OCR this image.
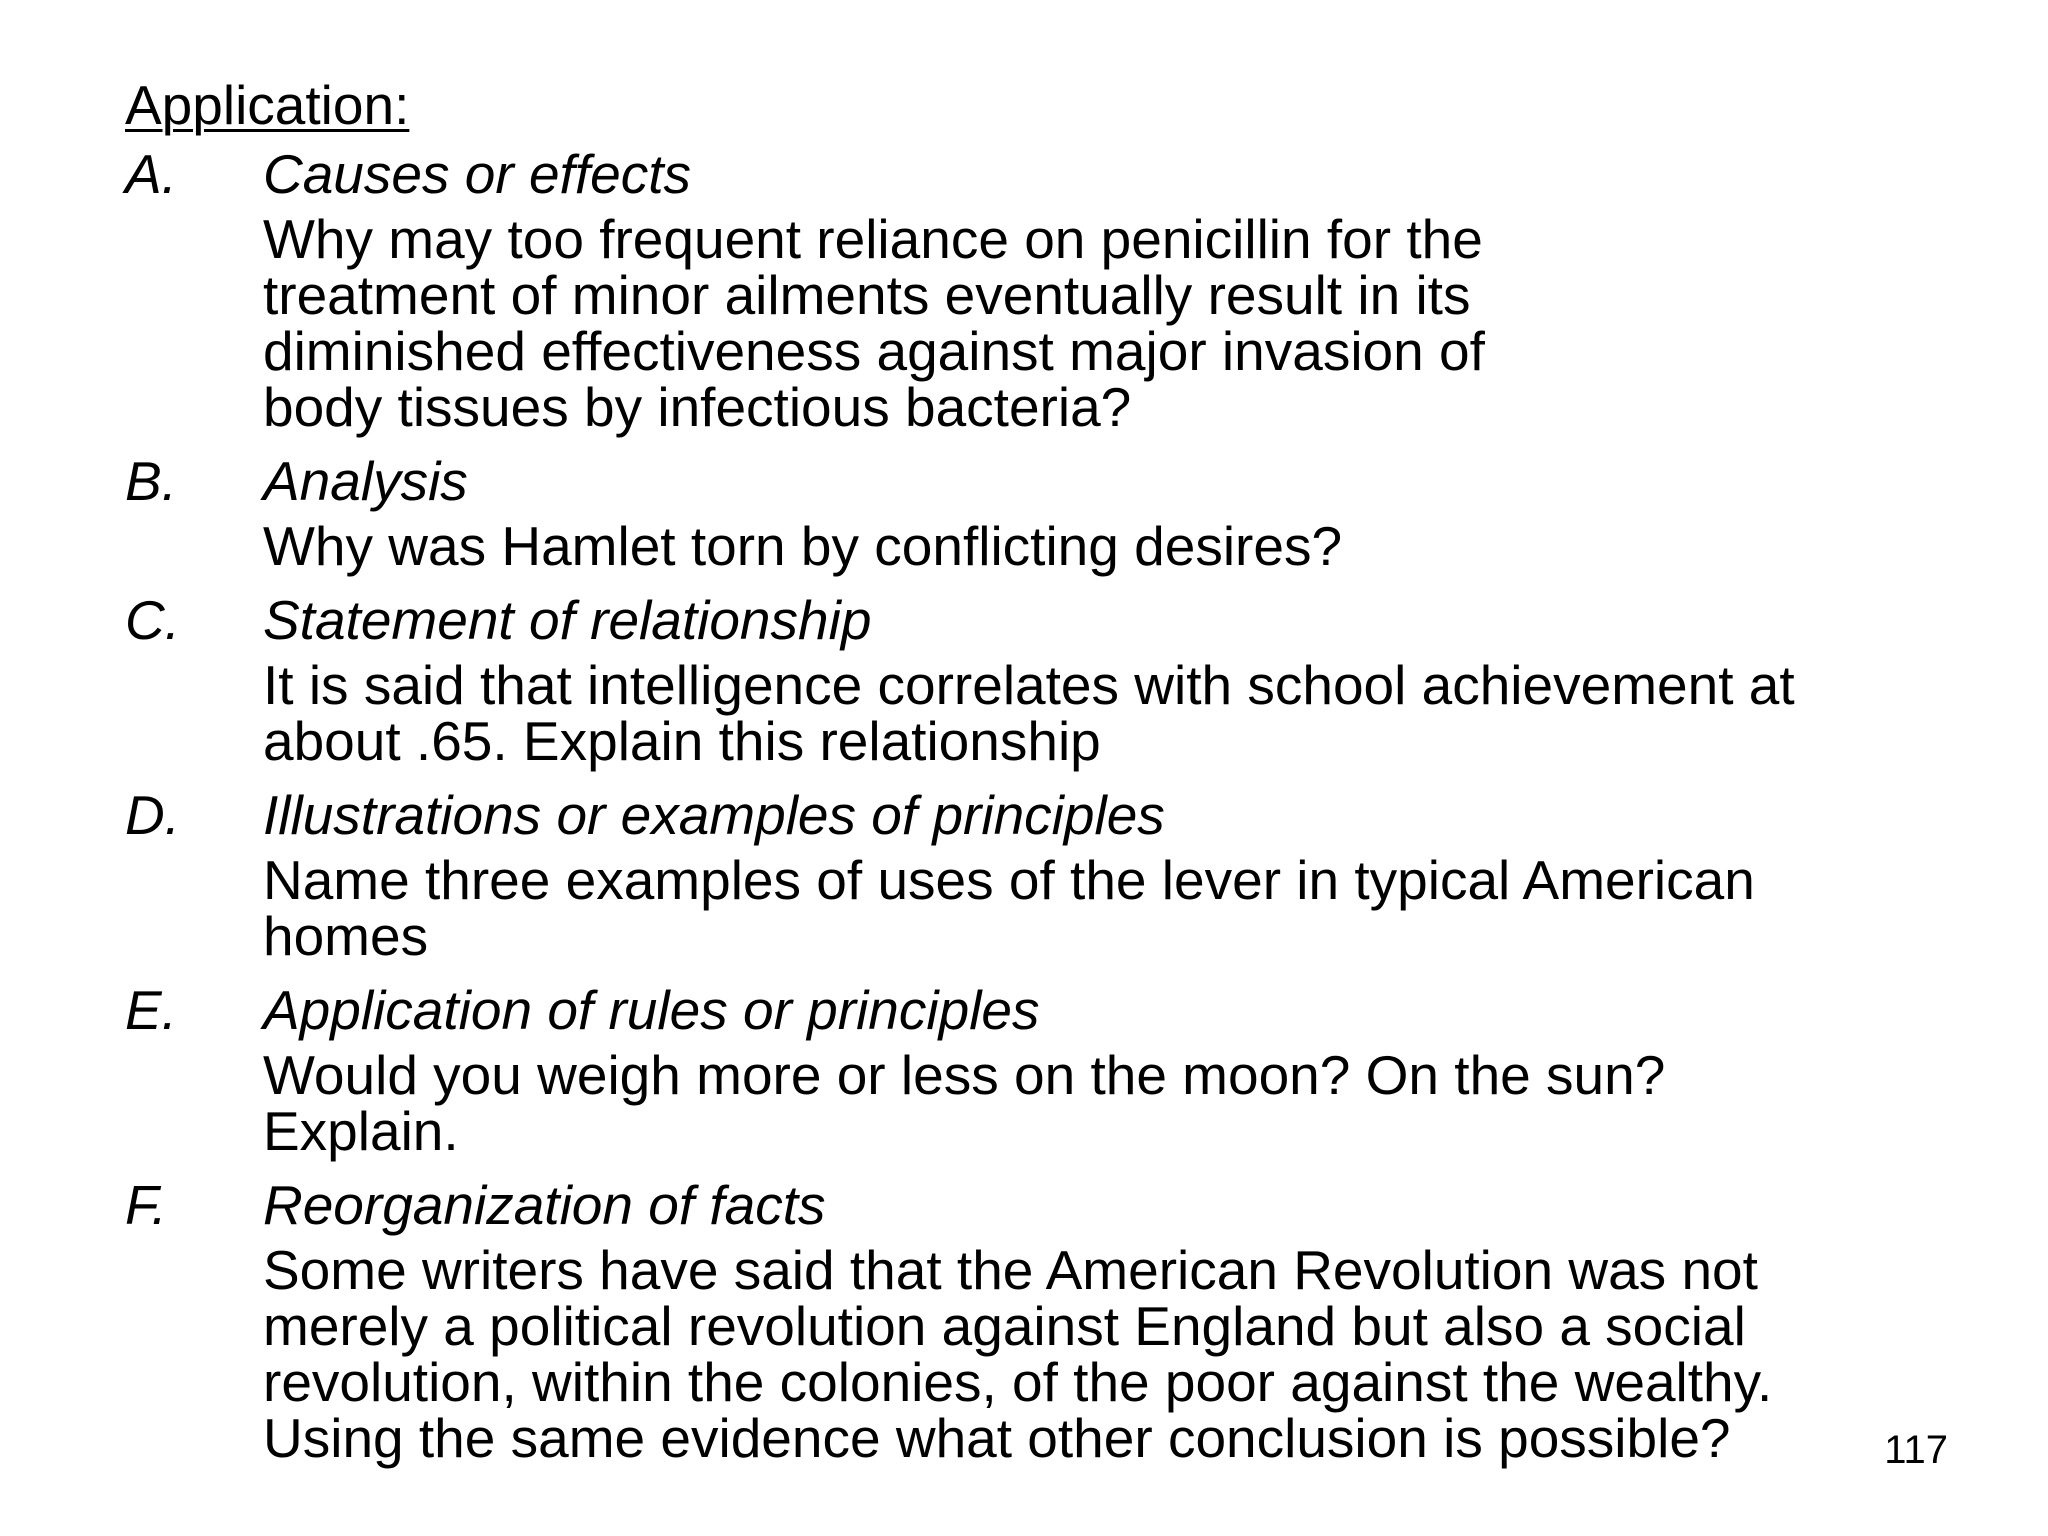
Application:
A.	Causes or effects
Why may too frequent reliance on penicillin for the treatment of minor ailments eventually result in its diminished effectiveness against major invasion of body tissues by infectious bacteria?
B.	Analysis
Why was Hamlet torn by conflicting desires?
C.	Statement of relationship
It is said that intelligence correlates with school achievement at about .65. Explain this relationship
D.	Illustrations or examples of principles
Name three examples of uses of the lever in typical American homes
E.	Application of rules or principles
Would you weigh more or less on the moon? On the sun? Explain.
F.	Reorganization of facts
Some writers have said that the American Revolution was not merely a political revolution against England but also a social revolution, within the colonies, of the poor against the wealthy. Using the same evidence what other conclusion is possible?	117
